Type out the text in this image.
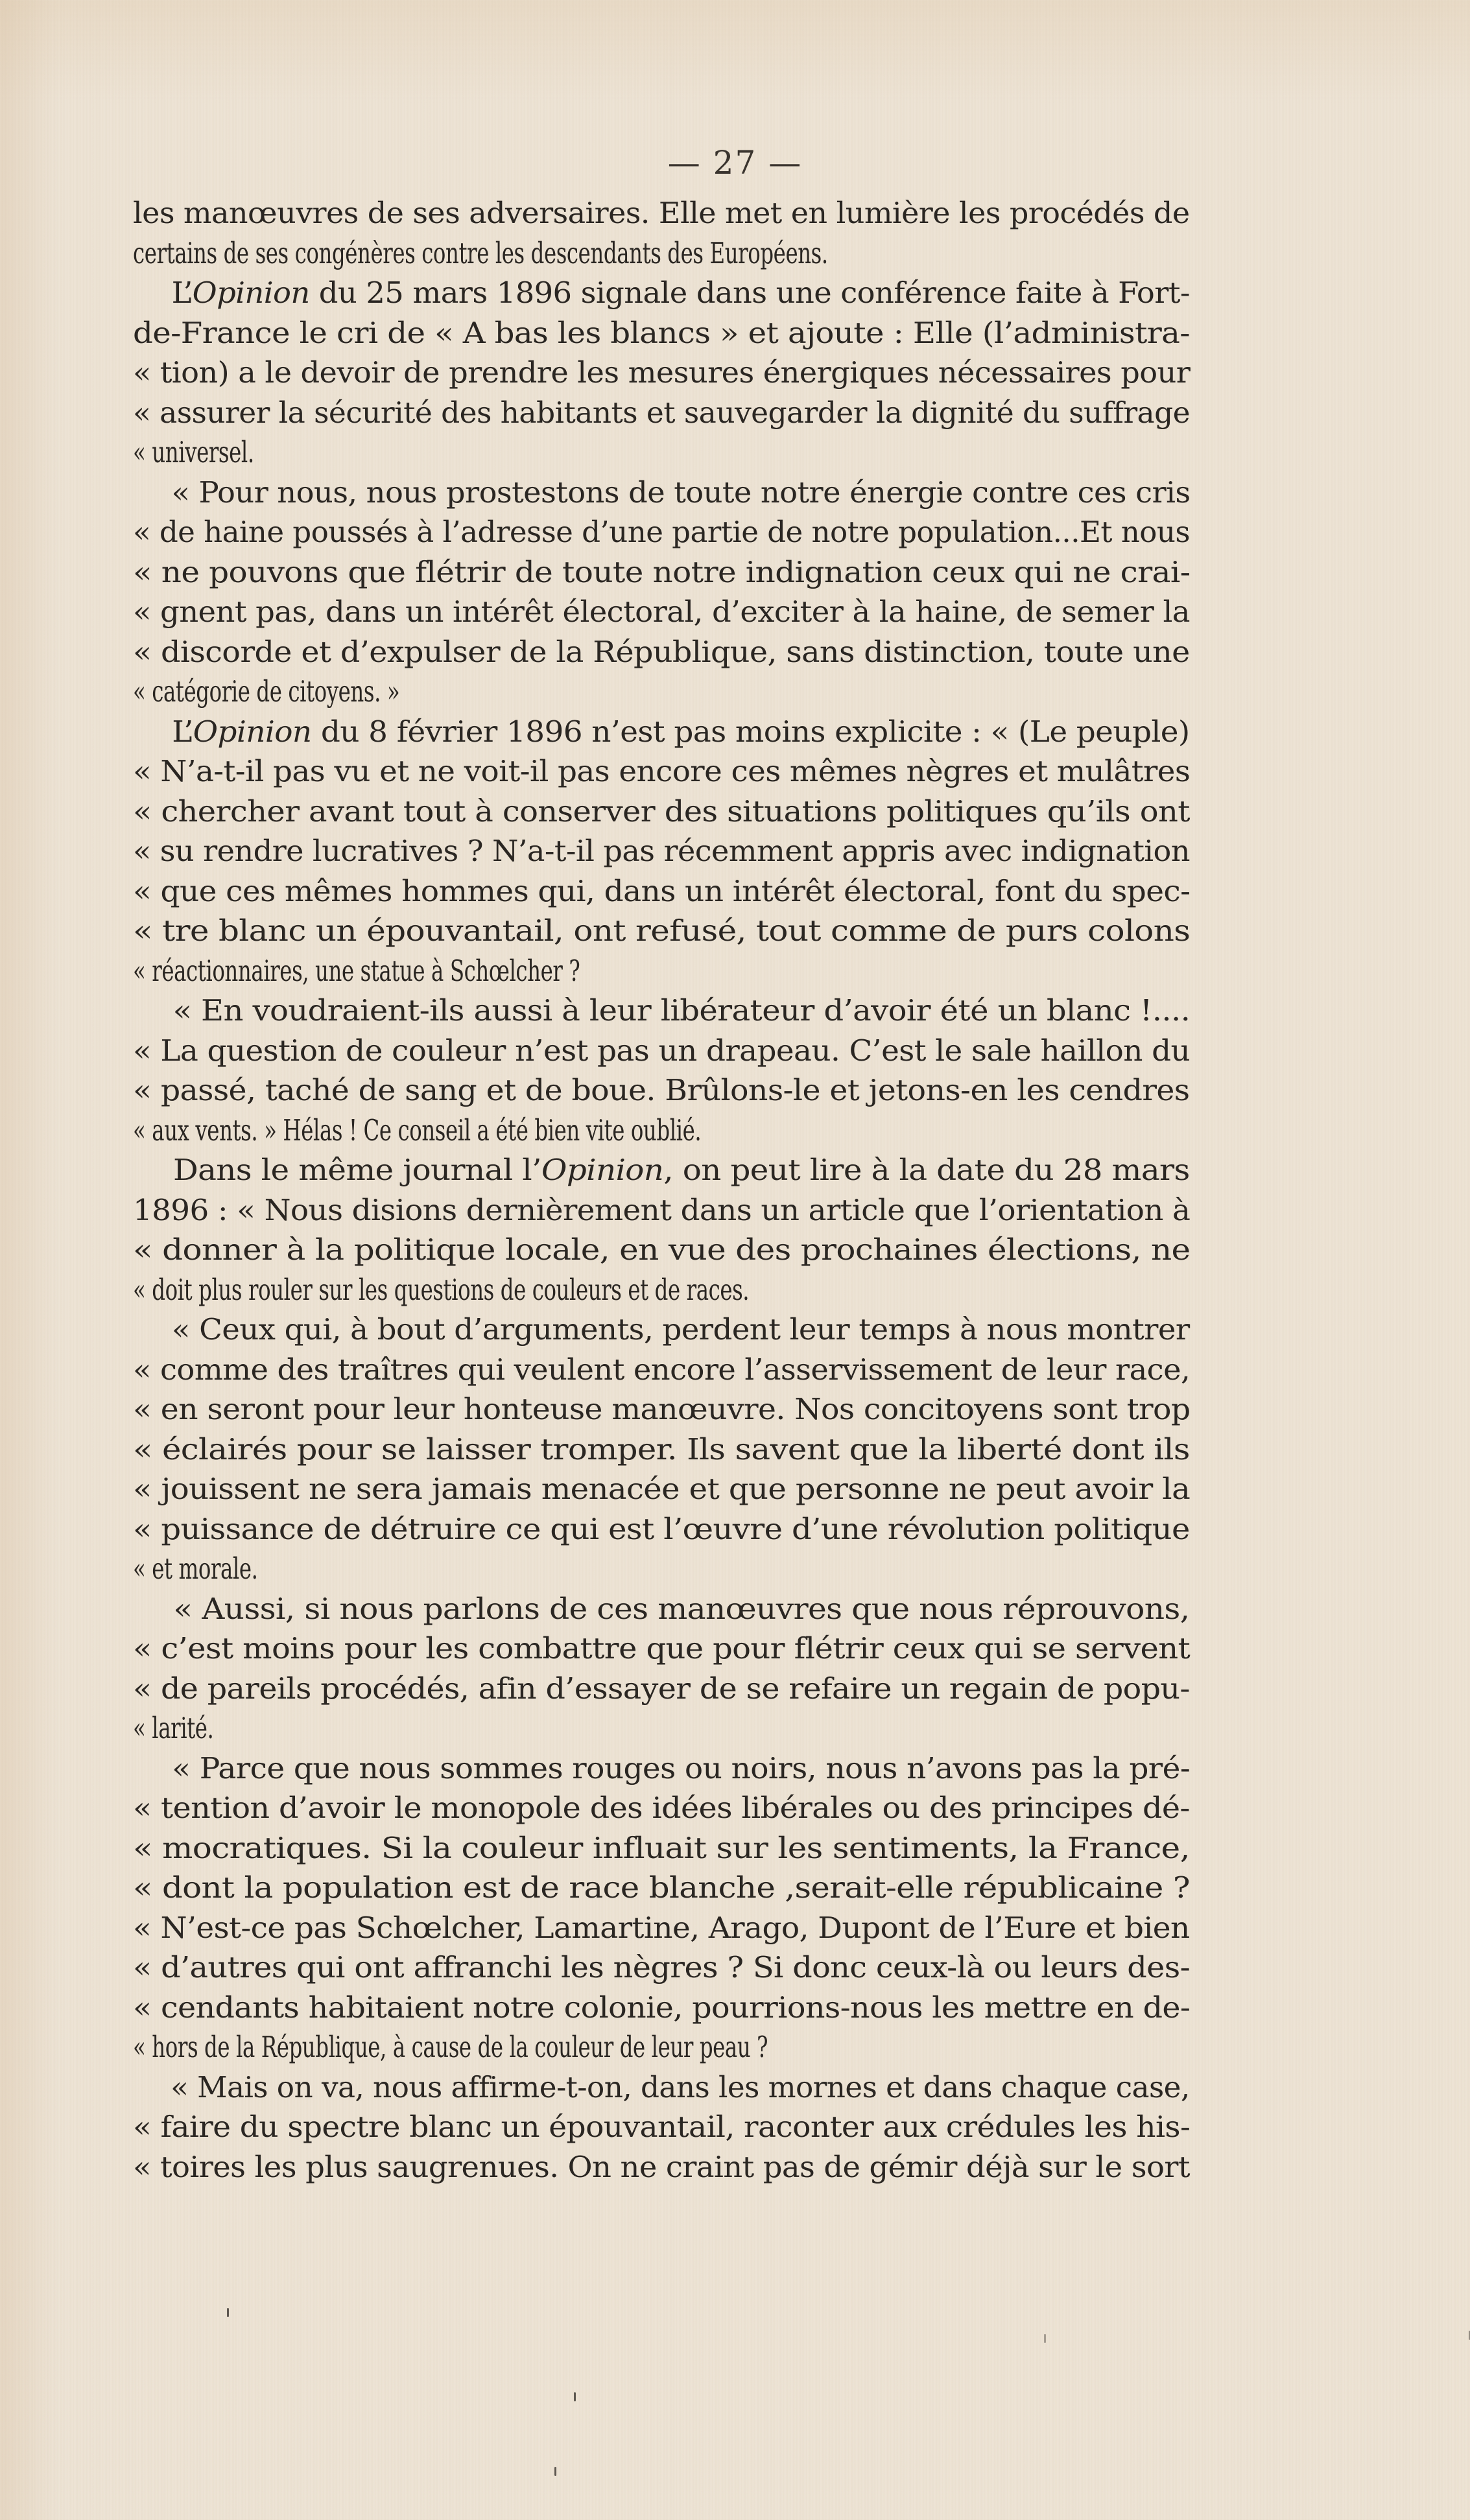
— 27 —
les manœuvres de ses adversaires. Elle met en lumière les procédés de
certains de ses congénères contre les descendants des Européens.
L’Opinion du 25 mars 1896 signale dans une conférence faite à Fort-
de-France le cri de « A bas les blancs » et ajoute : Elle (l’administra-
« tion) a le devoir de prendre les mesures énergiques nécessaires pour
« assurer la sécurité des habitants et sauvegarder la dignité du suffrage
« universel.
« Pour nous, nous prostestons de toute notre énergie contre ces cris
« de haine poussés à l’adresse d’une partie de notre population...Et nous
« ne pouvons que flétrir de toute notre indignation ceux qui ne crai-
« gnent pas, dans un intérêt électoral, d’exciter à la haine, de semer la
« discorde et d’expulser de la République, sans distinction, toute une
« catégorie de citoyens. »
L’Opinion du 8 février 1896 n’est pas moins explicite : « (Le peuple)
« N’a-t-il pas vu et ne voit-il pas encore ces mêmes nègres et mulâtres
« chercher avant tout à conserver des situations politiques qu’ils ont
« su rendre lucratives ? N’a-t-il pas récemment appris avec indignation
« que ces mêmes hommes qui, dans un intérêt électoral, font du spec-
« tre blanc un épouvantail, ont refusé, tout comme de purs colons
« réactionnaires, une statue à Schœlcher ?
« En voudraient-ils aussi à leur libérateur d’avoir été un blanc !....
« La question de couleur n’est pas un drapeau. C’est le sale haillon du
« passé, taché de sang et de boue. Brûlons-le et jetons-en les cendres
« aux vents. » Hélas ! Ce conseil a été bien vite oublié.
Dans le même journal l’Opinion, on peut lire à la date du 28 mars
1896 : « Nous disions dernièrement dans un article que l’orientation à
« donner à la politique locale, en vue des prochaines élections, ne
« doit plus rouler sur les questions de couleurs et de races.
« Ceux qui, à bout d’arguments, perdent leur temps à nous montrer
« comme des traîtres qui veulent encore l’asservissement de leur race,
« en seront pour leur honteuse manœuvre. Nos concitoyens sont trop
« éclairés pour se laisser tromper. Ils savent que la liberté dont ils
« jouissent ne sera jamais menacée et que personne ne peut avoir la
« puissance de détruire ce qui est l’œuvre d’une révolution politique
« et morale.
« Aussi, si nous parlons de ces manœuvres que nous réprouvons,
« c’est moins pour les combattre que pour flétrir ceux qui se servent
« de pareils procédés, afin d’essayer de se refaire un regain de popu-
« larité.
« Parce que nous sommes rouges ou noirs, nous n’avons pas la pré-
« tention d’avoir le monopole des idées libérales ou des principes dé-
« mocratiques. Si la couleur influait sur les sentiments, la France,
« dont la population est de race blanche ,serait-elle républicaine ?
« N’est-ce pas Schœlcher, Lamartine, Arago, Dupont de l’Eure et bien
« d’autres qui ont affranchi les nègres ? Si donc ceux-là ou leurs des-
« cendants habitaient notre colonie, pourrions-nous les mettre en de-
« hors de la République, à cause de la couleur de leur peau ?
« Mais on va, nous affirme-t-on, dans les mornes et dans chaque case,
« faire du spectre blanc un épouvantail, raconter aux crédules les his-
« toires les plus saugrenues. On ne craint pas de gémir déjà sur le sort
